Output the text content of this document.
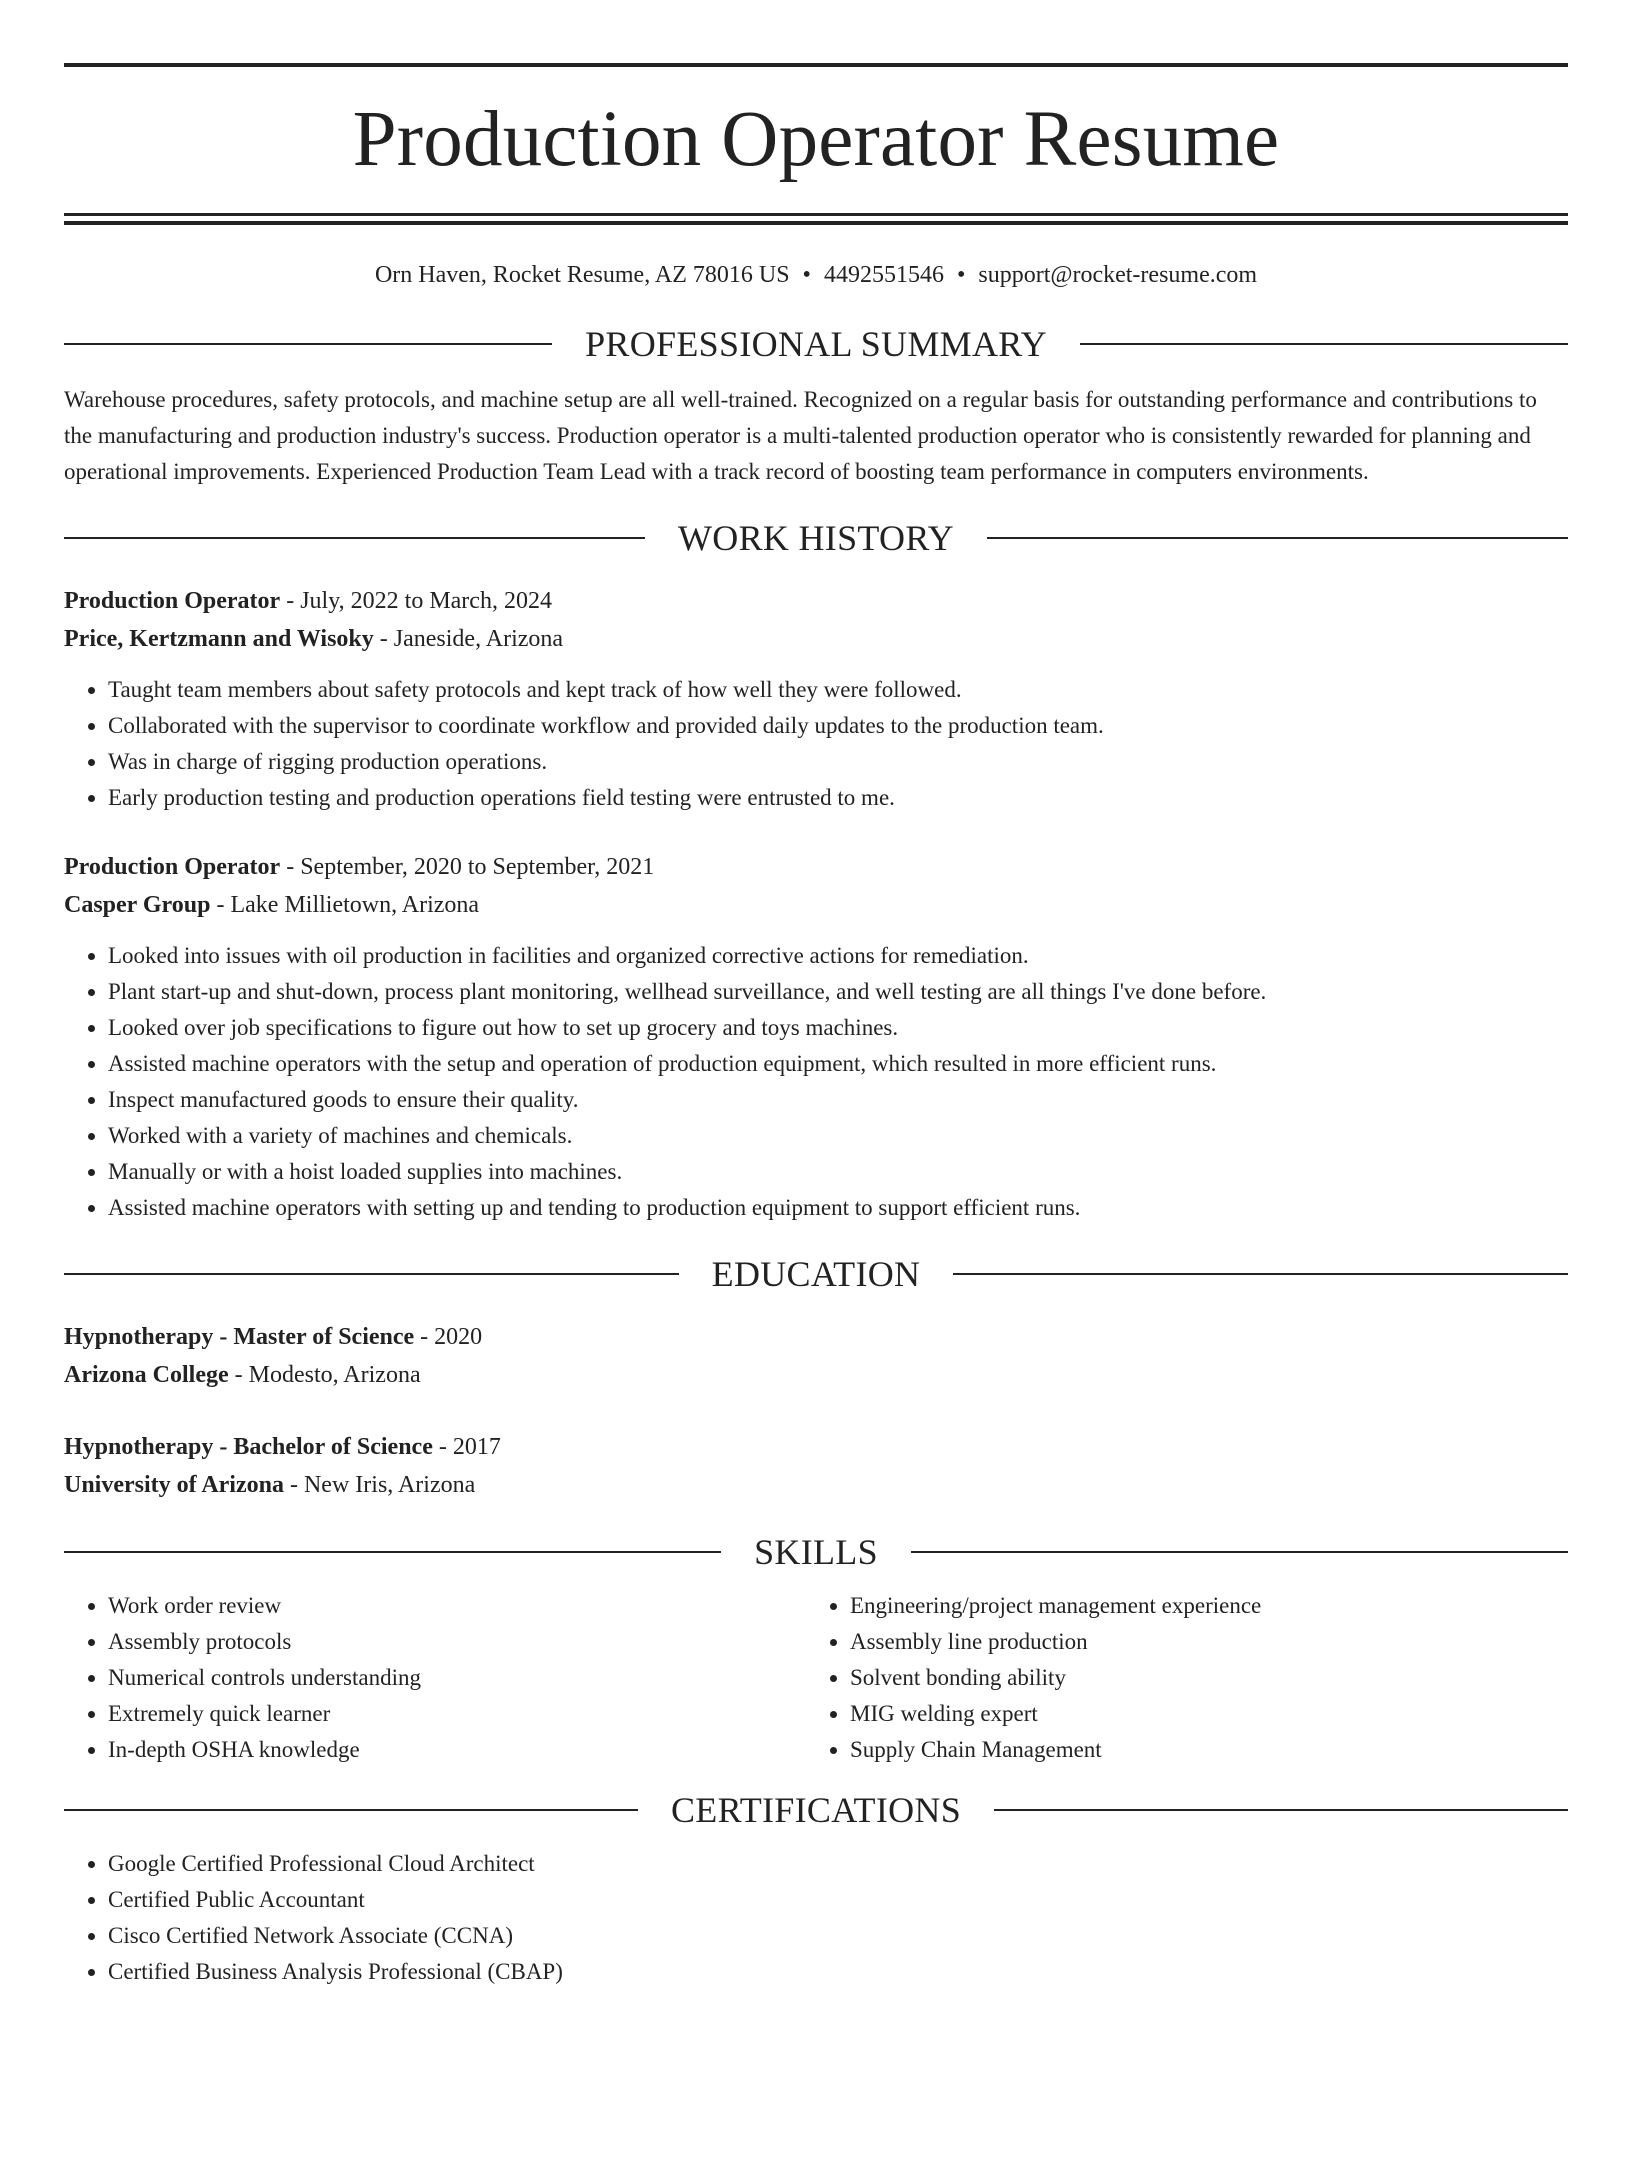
Production Operator Resume
Orn Haven, Rocket Resume, AZ 78016 US • 4492551546 • support@rocket-resume.com
PROFESSIONAL SUMMARY
Warehouse procedures, safety protocols, and machine setup are all well-trained. Recognized on a regular basis for outstanding performance and contributions to the manufacturing and production industry's success. Production operator is a multi-talented production operator who is consistently rewarded for planning and operational improvements. Experienced Production Team Lead with a track record of boosting team performance in computers environments.
WORK HISTORY
Production Operator - July, 2022 to March, 2024
Price, Kertzmann and Wisoky - Janeside, Arizona
• Taught team members about safety protocols and kept track of how well they were followed.
• Collaborated with the supervisor to coordinate workflow and provided daily updates to the production team.
• Was in charge of rigging production operations.
• Early production testing and production operations field testing were entrusted to me.
Production Operator - September, 2020 to September, 2021
Casper Group - Lake Millietown, Arizona
• Looked into issues with oil production in facilities and organized corrective actions for remediation.
• Plant start-up and shut-down, process plant monitoring, wellhead surveillance, and well testing are all things I've done before.
• Looked over job specifications to figure out how to set up grocery and toys machines.
• Assisted machine operators with the setup and operation of production equipment, which resulted in more efficient runs.
• Inspect manufactured goods to ensure their quality.
• Worked with a variety of machines and chemicals.
• Manually or with a hoist loaded supplies into machines.
• Assisted machine operators with setting up and tending to production equipment to support efficient runs.
EDUCATION
Hypnotherapy - Master of Science - 2020
Arizona College - Modesto, Arizona
Hypnotherapy - Bachelor of Science - 2017
University of Arizona - New Iris, Arizona
SKILLS
• Work order review
• Assembly protocols
• Numerical controls understanding
• Extremely quick learner
• In-depth OSHA knowledge
• Engineering/project management experience
• Assembly line production
• Solvent bonding ability
• MIG welding expert
• Supply Chain Management
CERTIFICATIONS
• Google Certified Professional Cloud Architect
• Certified Public Accountant
• Cisco Certified Network Associate (CCNA)
• Certified Business Analysis Professional (CBAP)
